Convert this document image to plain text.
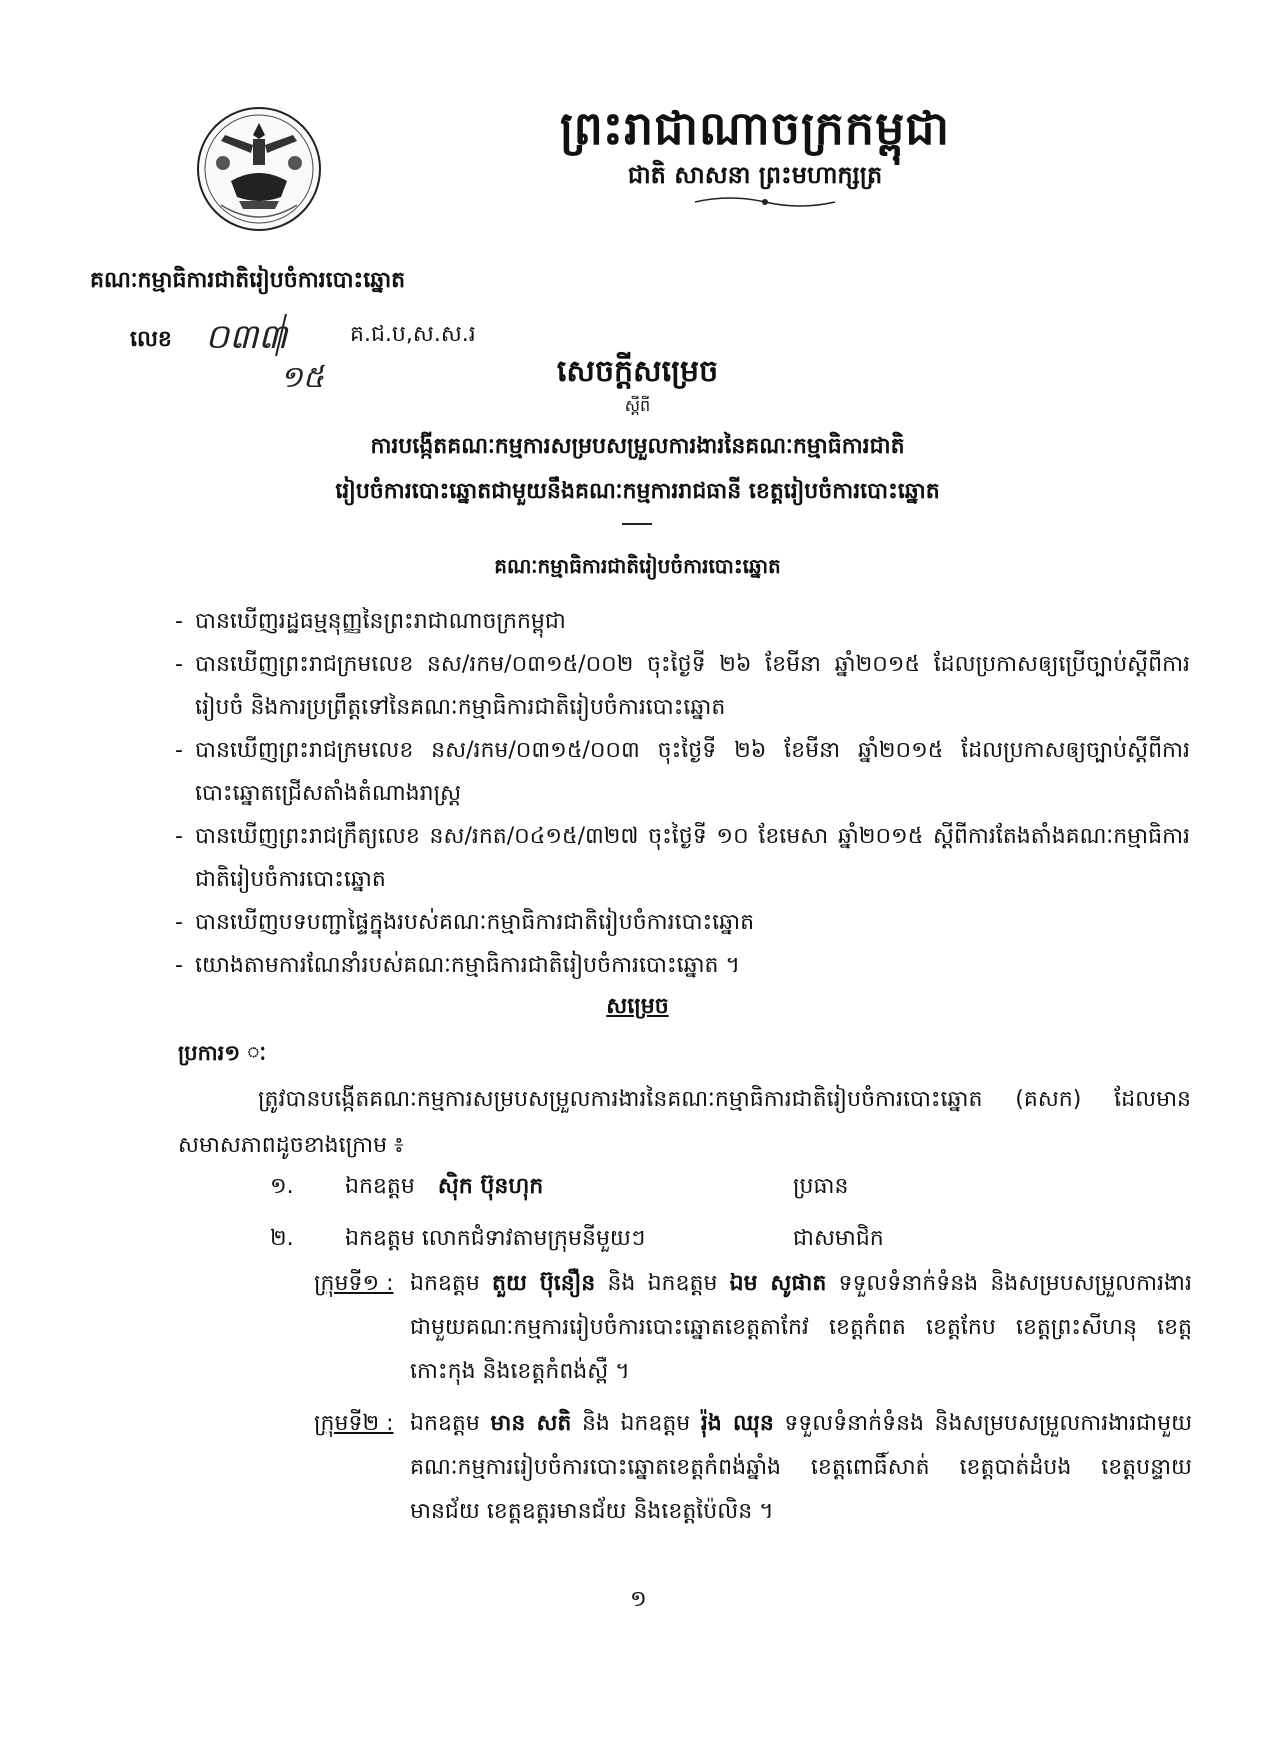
ព្រះរាជាណាចក្រកម្ពុជា
ជាតិ សាសនា ព្រះមហាក្សត្រ
គណៈកម្មាធិការជាតិរៀបចំការបោះឆ្នោត
លេខ ០៣៣
១៥
គ.ជ.ប,ស.ស.រ
សេចក្តីសម្រេច
ស្តីពី
ការបង្កើតគណៈកម្មការសម្របសម្រួលការងារនៃគណៈកម្មាធិការជាតិ
រៀបចំការបោះឆ្នោតជាមួយនឹងគណៈកម្មការរាជធានី ខេត្តរៀបចំការបោះឆ្នោត
គណៈកម្មាធិការជាតិរៀបចំការបោះឆ្នោត
- បានឃើញរដ្ឋធម្មនុញ្ញនៃព្រះរាជាណាចក្រកម្ពុជា
- បានឃើញព្រះរាជក្រមលេខ នស/រកម/០៣១៥/០០២ ចុះថ្ងៃទី ២៦ ខែមីនា ឆ្នាំ២០១៥ ដែលប្រកាសឲ្យប្រើច្បាប់ស្តីពីការរៀបចំ និងការប្រព្រឹត្តទៅនៃគណៈកម្មាធិការជាតិរៀបចំការបោះឆ្នោត
- បានឃើញព្រះរាជក្រមលេខ នស/រកម/០៣១៥/០០៣ ចុះថ្ងៃទី ២៦ ខែមីនា ឆ្នាំ២០១៥ ដែលប្រកាសឲ្យច្បាប់ស្តីពីការបោះឆ្នោតជ្រើសតាំងតំណាងរាស្ត្រ
- បានឃើញព្រះរាជក្រឹត្យលេខ នស/រកត/០៤១៥/៣២៧ ចុះថ្ងៃទី ១០ ខែមេសា ឆ្នាំ២០១៥ ស្តីពីការតែងតាំងគណៈកម្មាធិការជាតិរៀបចំការបោះឆ្នោត
- បានឃើញបទបញ្ជាផ្ទៃក្នុងរបស់គណៈកម្មាធិការជាតិរៀបចំការបោះឆ្នោត
- យោងតាមការណែនាំរបស់គណៈកម្មាធិការជាតិរៀបចំការបោះឆ្នោត ។
សម្រេច
ប្រការ១ ៈ
ត្រូវបានបង្កើតគណៈកម្មការសម្របសម្រួលការងារនៃគណៈកម្មាធិការជាតិរៀបចំការបោះឆ្នោត (គសក) ដែលមានសមាសភាពដូចខាងក្រោម ៖
១. ឯកឧត្តម ស៊ិក ប៊ុនហុក	ប្រធាន
២. ឯកឧត្តម លោកជំទាវតាមក្រុមនីមួយៗ	ជាសមាជិក
ក្រុមទី១ : ឯកឧត្តម តួយ ប៊ុនឿន និង ឯកឧត្តម ឯម សូផាត ទទួលទំនាក់ទំនង និងសម្របសម្រួលការងារជាមួយគណៈកម្មការរៀបចំការបោះឆ្នោតខេត្តតាកែវ ខេត្តកំពត ខេត្តកែប ខេត្តព្រះសីហនុ ខេត្តកោះកុង និងខេត្តកំពង់ស្ពឺ ។
ក្រុមទី២ : ឯកឧត្តម មាន សតិ និង ឯកឧត្តម រ៉ុង ឈុន ទទួលទំនាក់ទំនង និងសម្របសម្រួលការងារជាមួយគណៈកម្មការរៀបចំការបោះឆ្នោតខេត្តកំពង់ឆ្នាំង ខេត្តពោធិ៍សាត់ ខេត្តបាត់ដំបង ខេត្តបន្ទាយមានជ័យ ខេត្តឧត្តរមានជ័យ និងខេត្តប៉ៃលិន ។
១
